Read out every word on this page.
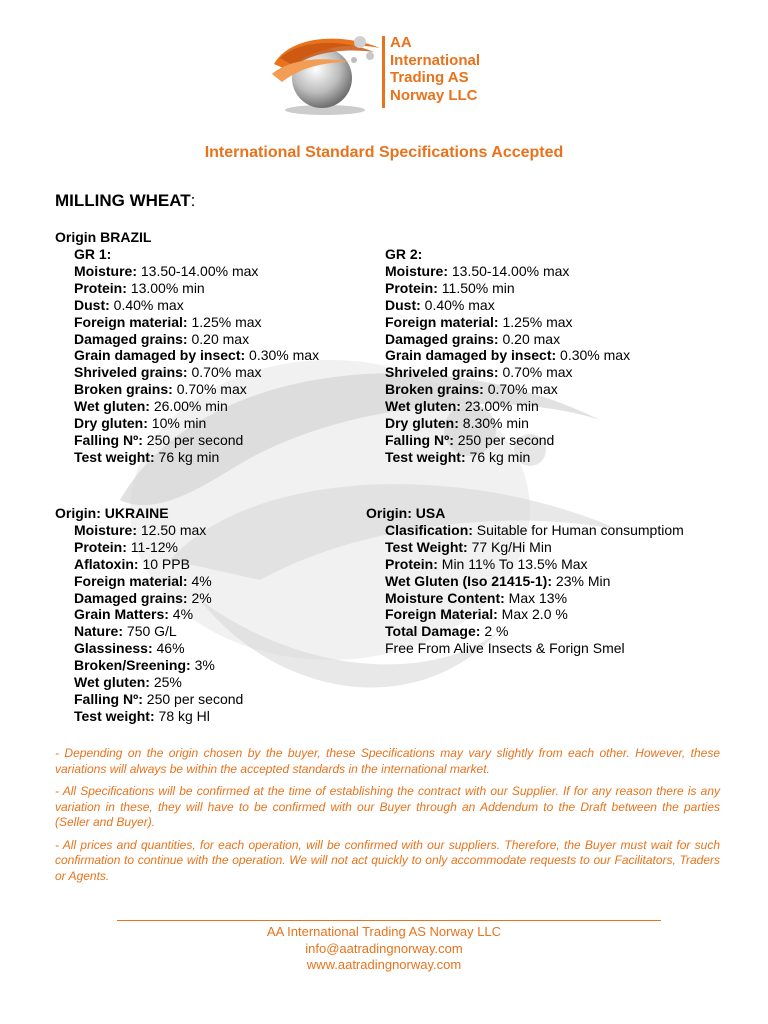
AA
International
Trading AS
Norway LLC
International Standard Specifications Accepted
MILLING WHEAT:
Origin BRAZIL
GR 1:
Moisture: 13.50-14.00% max
Protein: 13.00% min
Dust: 0.40% max
Foreign material: 1.25% max
Damaged grains: 0.20 max
Grain damaged by insect: 0.30% max
Shriveled grains: 0.70% max
Broken grains: 0.70% max
Wet gluten: 26.00% min
Dry gluten: 10% min
Falling Nº: 250 per second
Test weight: 76 kg min
GR 2:
Moisture: 13.50-14.00% max
Protein: 11.50% min
Dust: 0.40% max
Foreign material: 1.25% max
Damaged grains: 0.20 max
Grain damaged by insect: 0.30% max
Shriveled grains: 0.70% max
Broken grains: 0.70% max
Wet gluten: 23.00% min
Dry gluten: 8.30% min
Falling Nº: 250 per second
Test weight: 76 kg min
Origin: UKRAINE
Moisture: 12.50 max
Protein: 11-12%
Aflatoxin: 10 PPB
Foreign material: 4%
Damaged grains: 2%
Grain Matters: 4%
Nature: 750 G/L
Glassiness: 46%
Broken/Sreening: 3%
Wet gluten: 25%
Falling Nº: 250 per second
Test weight: 78 kg Hl
Origin: USA
Clasification: Suitable for Human consumptiom
Test Weight: 77 Kg/Hi Min
Protein: Min 11% To 13.5% Max
Wet Gluten (Iso 21415-1): 23% Min
Moisture Content: Max 13%
Foreign Material: Max 2.0 %
Total Damage: 2 %
Free From Alive Insects & Forign Smel

- Depending on the origin chosen by the buyer, these Specifications may vary slightly from each other. However, these variations will always be within the accepted standards in the international market.

- All Specifications will be confirmed at the time of establishing the contract with our Supplier. If for any reason there is any variation in these, they will have to be confirmed with our Buyer through an Addendum to the Draft between the parties (Seller and Buyer).

- All prices and quantities, for each operation, will be confirmed with our suppliers. Therefore, the Buyer must wait for such confirmation to continue with the operation. We will not act quickly to only accommodate requests to our Facilitators, Traders or Agents.

AA International Trading AS Norway LLC
info@aatradingnorway.com
www.aatradingnorway.com
